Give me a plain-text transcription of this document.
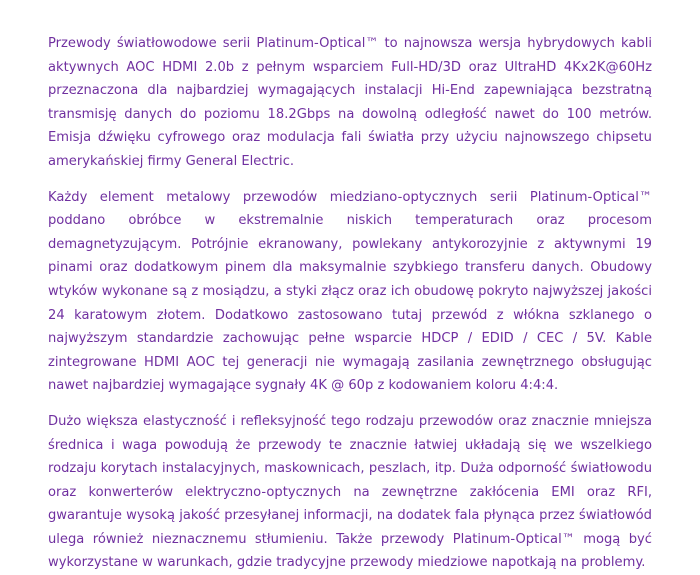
Przewody światłowodowe serii Platinum-Optical™ to najnowsza wersja hybrydowych kabli aktywnych AOC HDMI 2.0b z pełnym wsparciem Full-HD/3D oraz UltraHD 4Kx2K@60Hz przeznaczona dla najbardziej wymagających instalacji Hi-End zapewniająca bezstratną transmisję danych do poziomu 18.2Gbps na dowolną odległość nawet do 100 metrów. Emisja dźwięku cyfrowego oraz modulacja fali światła przy użyciu najnowszego chipsetu amerykańskiej firmy General Electric.

Każdy element metalowy przewodów miedziano-optycznych serii Platinum-Optical™ poddano obróbce w ekstremalnie niskich temperaturach oraz procesom demagnetyzującym. Potrójnie ekranowany, powlekany antykorozyjnie z aktywnymi 19 pinami oraz dodatkowym pinem dla maksymalnie szybkiego transferu danych. Obudowy wtyków wykonane są z mosiądzu, a styki złącz oraz ich obudowę pokryto najwyższej jakości 24 karatowym złotem. Dodatkowo zastosowano tutaj przewód z włókna szklanego o najwyższym standardzie zachowując pełne wsparcie HDCP / EDID / CEC / 5V. Kable zintegrowane HDMI AOC tej generacji nie wymagają zasilania zewnętrznego obsługując nawet najbardziej wymagające sygnały 4K @ 60p z kodowaniem koloru 4:4:4.

Dużo większa elastyczność i refleksyjność tego rodzaju przewodów oraz znacznie mniejsza średnica i waga powodują że przewody te znacznie łatwiej układają się we wszelkiego rodzaju korytach instalacyjnych, maskownicach, peszlach, itp. Duża odporność światłowodu oraz konwerterów elektryczno-optycznych na zewnętrzne zakłócenia EMI oraz RFI, gwarantuje wysoką jakość przesyłanej informacji, na dodatek fala płynąca przez światłowód ulega również nieznacznemu stłumieniu. Także przewody Platinum-Optical™ mogą być wykorzystane w warunkach, gdzie tradycyjne przewody miedziowe napotkają na problemy.
